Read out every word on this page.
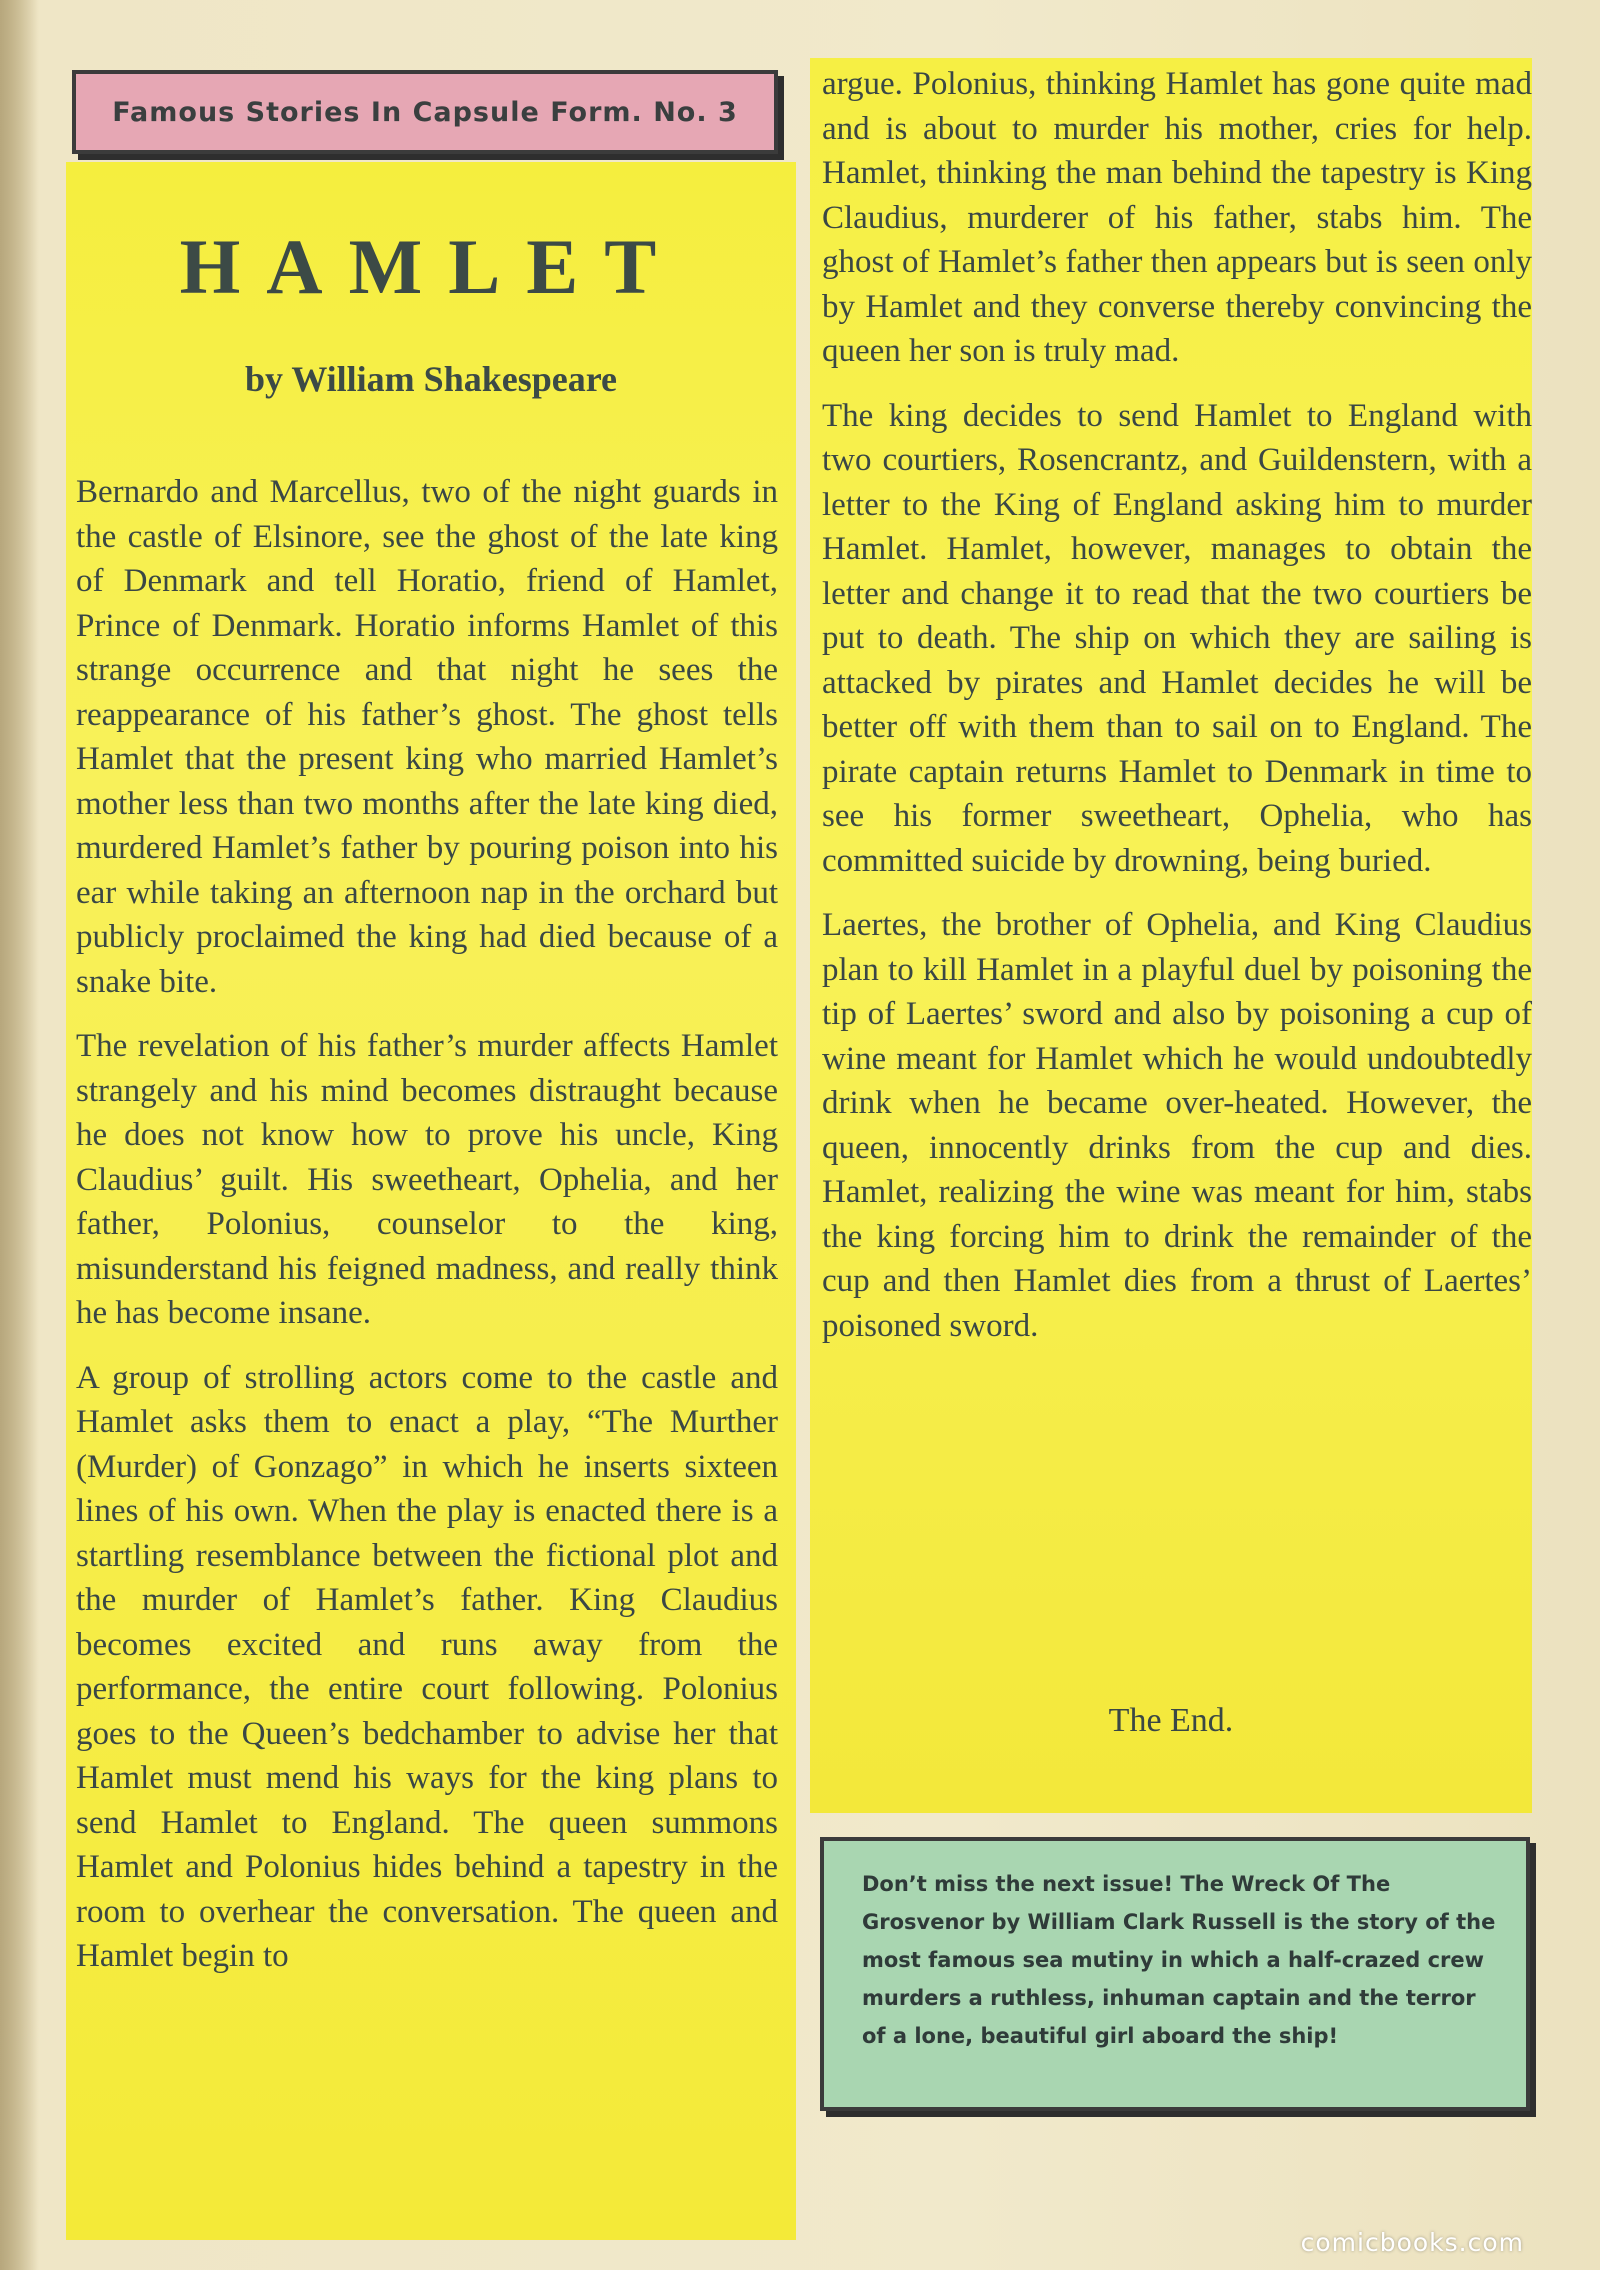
Famous Stories In Capsule Form. No. 3
HAMLET
by William Shakespeare

Bernardo and Marcellus, two of the night guards in the castle of Elsinore, see the ghost of the late king of Denmark and tell Horatio, friend of Hamlet, Prince of Denmark. Horatio informs Hamlet of this strange occurrence and that night he sees the reappearance of his father’s ghost. The ghost tells Hamlet that the present king who married Hamlet’s mother less than two months after the late king died, murdered Hamlet’s father by pouring poison into his ear while taking an afternoon nap in the orchard but publicly proclaimed the king had died because of a snake bite.

The revelation of his father’s murder affects Hamlet strangely and his mind becomes distraught because he does not know how to prove his uncle, King Claudius’ guilt. His sweetheart, Ophelia, and her father, Polonius, counselor to the king, misunderstand his feigned madness, and really think he has become insane.

A group of strolling actors come to the castle and Hamlet asks them to enact a play, “The Murther (Murder) of Gonzago” in which he inserts sixteen lines of his own. When the play is enacted there is a startling resemblance between the fictional plot and the murder of Hamlet’s father. King Claudius becomes excited and runs away from the performance, the entire court following. Polonius goes to the Queen’s bedchamber to advise her that Hamlet must mend his ways for the king plans to send Hamlet to England. The queen summons Hamlet and Polonius hides behind a tapestry in the room to overhear the conversation. The queen and Hamlet begin to

argue. Polonius, thinking Hamlet has gone quite mad and is about to murder his mother, cries for help. Hamlet, thinking the man behind the tapestry is King Claudius, murderer of his father, stabs him. The ghost of Hamlet’s father then appears but is seen only by Hamlet and they converse thereby convincing the queen her son is truly mad.

The king decides to send Hamlet to England with two courtiers, Rosencrantz, and Guildenstern, with a letter to the King of England asking him to murder Hamlet. Hamlet, however, manages to obtain the letter and change it to read that the two courtiers be put to death. The ship on which they are sailing is attacked by pirates and Hamlet decides he will be better off with them than to sail on to England. The pirate captain returns Hamlet to Denmark in time to see his former sweetheart, Ophelia, who has committed suicide by drowning, being buried.

Laertes, the brother of Ophelia, and King Claudius plan to kill Hamlet in a playful duel by poisoning the tip of Laertes’ sword and also by poisoning a cup of wine meant for Hamlet which he would undoubtedly drink when he became over-heated. However, the queen, innocently drinks from the cup and dies. Hamlet, realizing the wine was meant for him, stabs the king forcing him to drink the remainder of the cup and then Hamlet dies from a thrust of Laertes’ poisoned sword.

The End.
Don’t miss the next issue! The Wreck Of The Grosvenor by William Clark Russell is the story of the most famous sea mutiny in which a half-crazed crew murders a ruthless, inhuman captain and the terror of a lone, beautiful girl aboard the ship!
comicbooks.com
